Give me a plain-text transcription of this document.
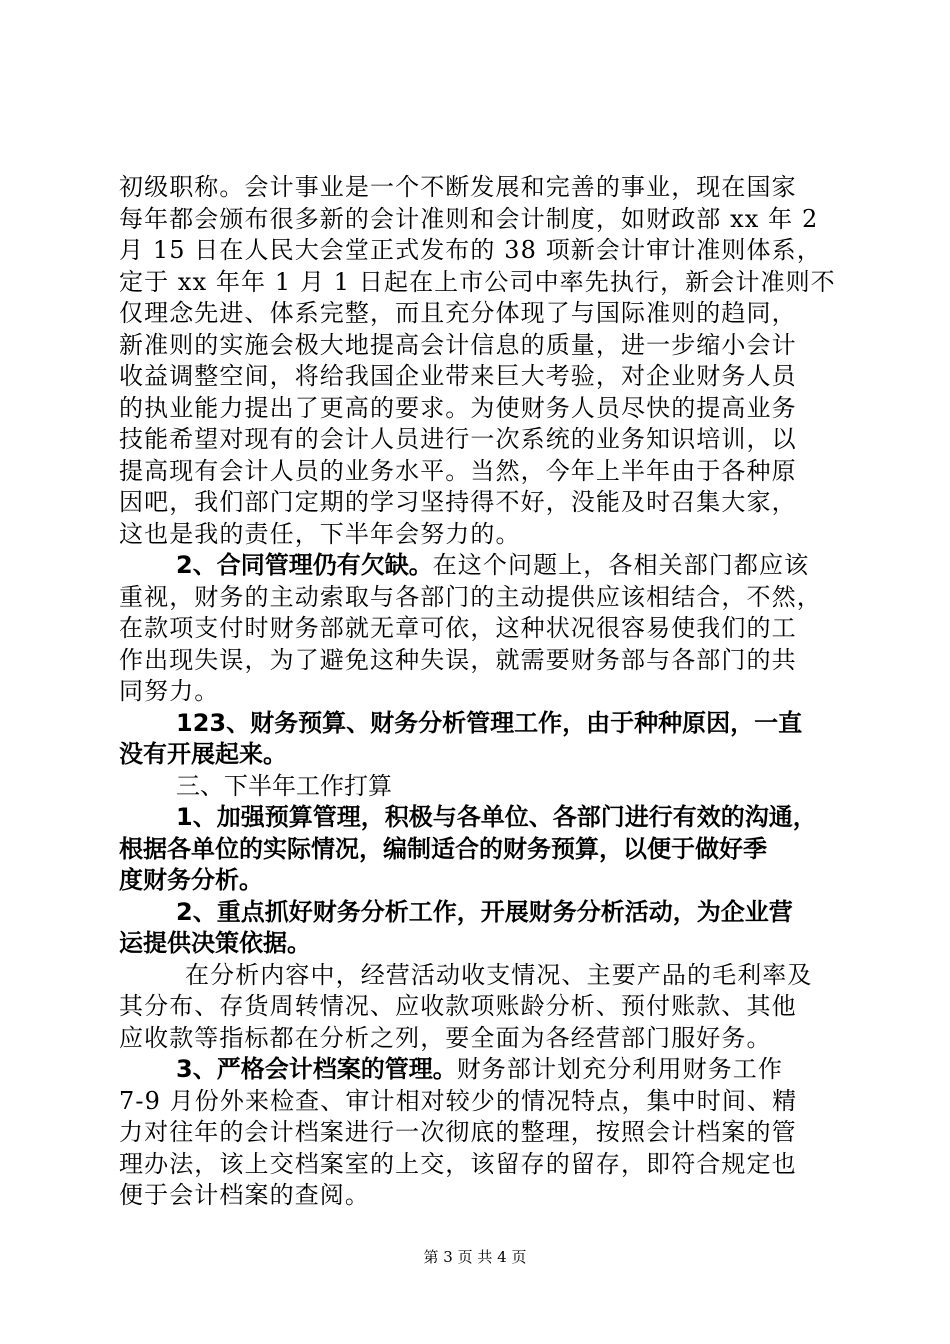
初级职称。会计事业是一个不断发展和完善的事业，现在国家
每年都会颁布很多新的会计准则和会计制度，如财政部 xx 年 2
月 15 日在人民大会堂正式发布的 38 项新会计审计准则体系，
定于 xx 年年 1 月 1 日起在上市公司中率先执行，新会计准则不
仅理念先进、体系完整，而且充分体现了与国际准则的趋同，
新准则的实施会极大地提高会计信息的质量，进一步缩小会计
收益调整空间，将给我国企业带来巨大考验，对企业财务人员
的执业能力提出了更高的要求。为使财务人员尽快的提高业务
技能希望对现有的会计人员进行一次系统的业务知识培训，以
提高现有会计人员的业务水平。当然，今年上半年由于各种原
因吧，我们部门定期的学习坚持得不好，没能及时召集大家，
这也是我的责任，下半年会努力的。
2、合同管理仍有欠缺。在这个问题上，各相关部门都应该
重视，财务的主动索取与各部门的主动提供应该相结合，不然，
在款项支付时财务部就无章可依，这种状况很容易使我们的工
作出现失误，为了避免这种失误，就需要财务部与各部门的共
同努力。
123、财务预算、财务分析管理工作，由于种种原因，一直
没有开展起来。
三、下半年工作打算
1、加强预算管理，积极与各单位、各部门进行有效的沟通，
根据各单位的实际情况，编制适合的财务预算，以便于做好季
度财务分析。
2、重点抓好财务分析工作，开展财务分析活动，为企业营
运提供决策依据。
在分析内容中，经营活动收支情况、主要产品的毛利率及
其分布、存货周转情况、应收款项账龄分析、预付账款、其他
应收款等指标都在分析之列，要全面为各经营部门服好务。
3、严格会计档案的管理。财务部计划充分利用财务工作
7-9 月份外来检查、审计相对较少的情况特点，集中时间、精
力对往年的会计档案进行一次彻底的整理，按照会计档案的管
理办法，该上交档案室的上交，该留存的留存，即符合规定也
便于会计档案的查阅。
第 3 页 共 4 页
